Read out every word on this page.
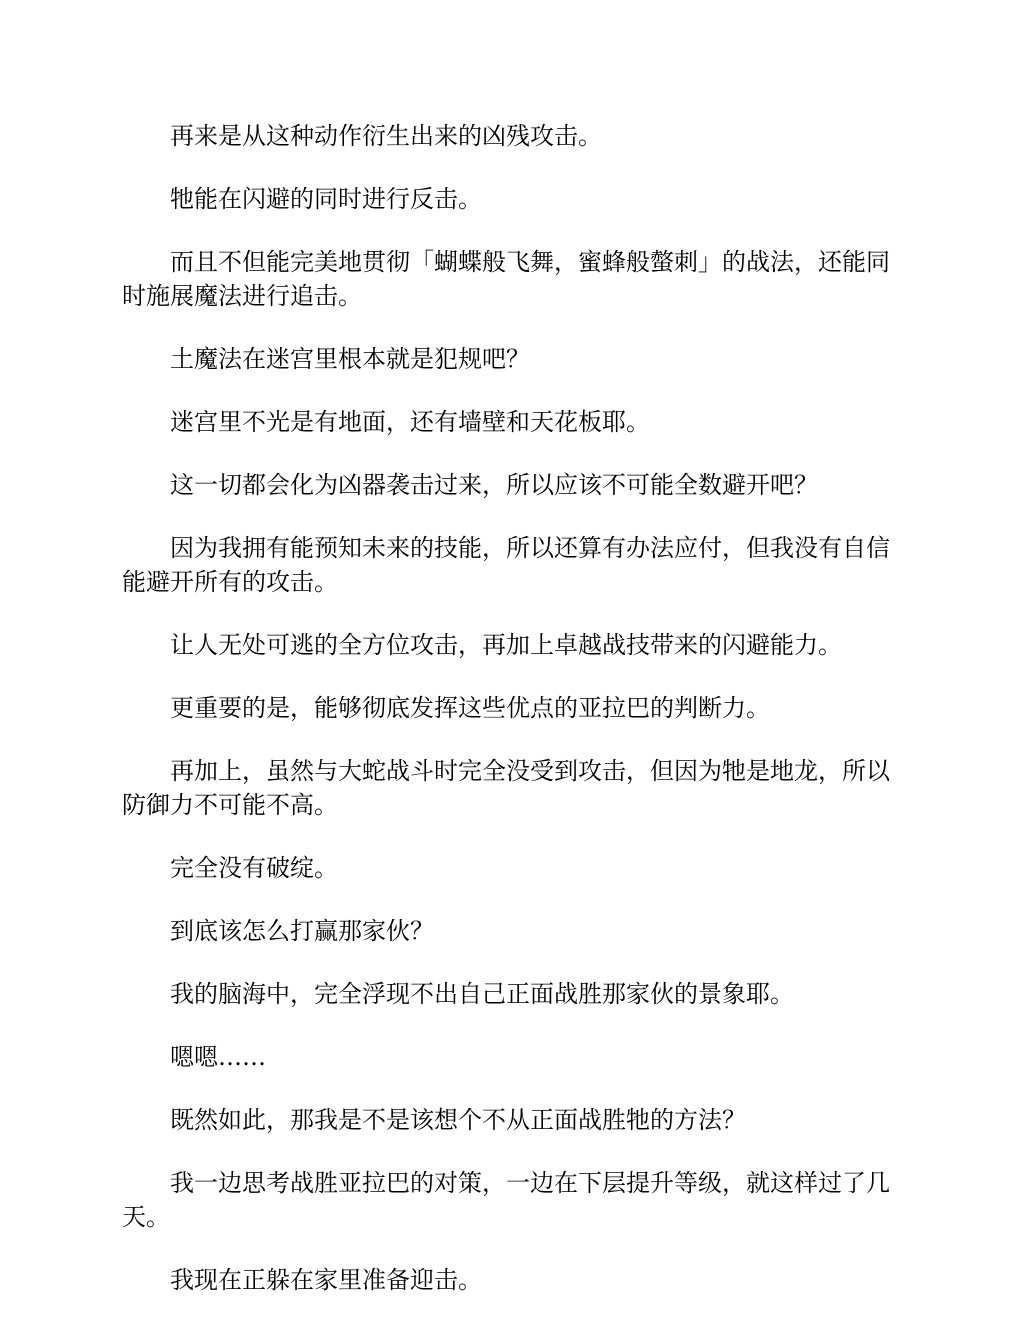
再来是从这种动作衍生出来的凶残攻击。

牠能在闪避的同时进行反击。

而且不但能完美地贯彻「蝴蝶般飞舞，蜜蜂般螫刺」的战法，还能同时施展魔法进行追击。

土魔法在迷宫里根本就是犯规吧？

迷宫里不光是有地面，还有墙壁和天花板耶。

这一切都会化为凶器袭击过来，所以应该不可能全数避开吧？

因为我拥有能预知未来的技能，所以还算有办法应付，但我没有自信能避开所有的攻击。

让人无处可逃的全方位攻击，再加上卓越战技带来的闪避能力。

更重要的是，能够彻底发挥这些优点的亚拉巴的判断力。

再加上，虽然与大蛇战斗时完全没受到攻击，但因为牠是地龙，所以防御力不可能不高。

完全没有破绽。

到底该怎么打赢那家伙？

我的脑海中，完全浮现不出自己正面战胜那家伙的景象耶。

嗯嗯……

既然如此，那我是不是该想个不从正面战胜牠的方法？

我一边思考战胜亚拉巴的对策，一边在下层提升等级，就这样过了几天。

我现在正躲在家里准备迎击。
